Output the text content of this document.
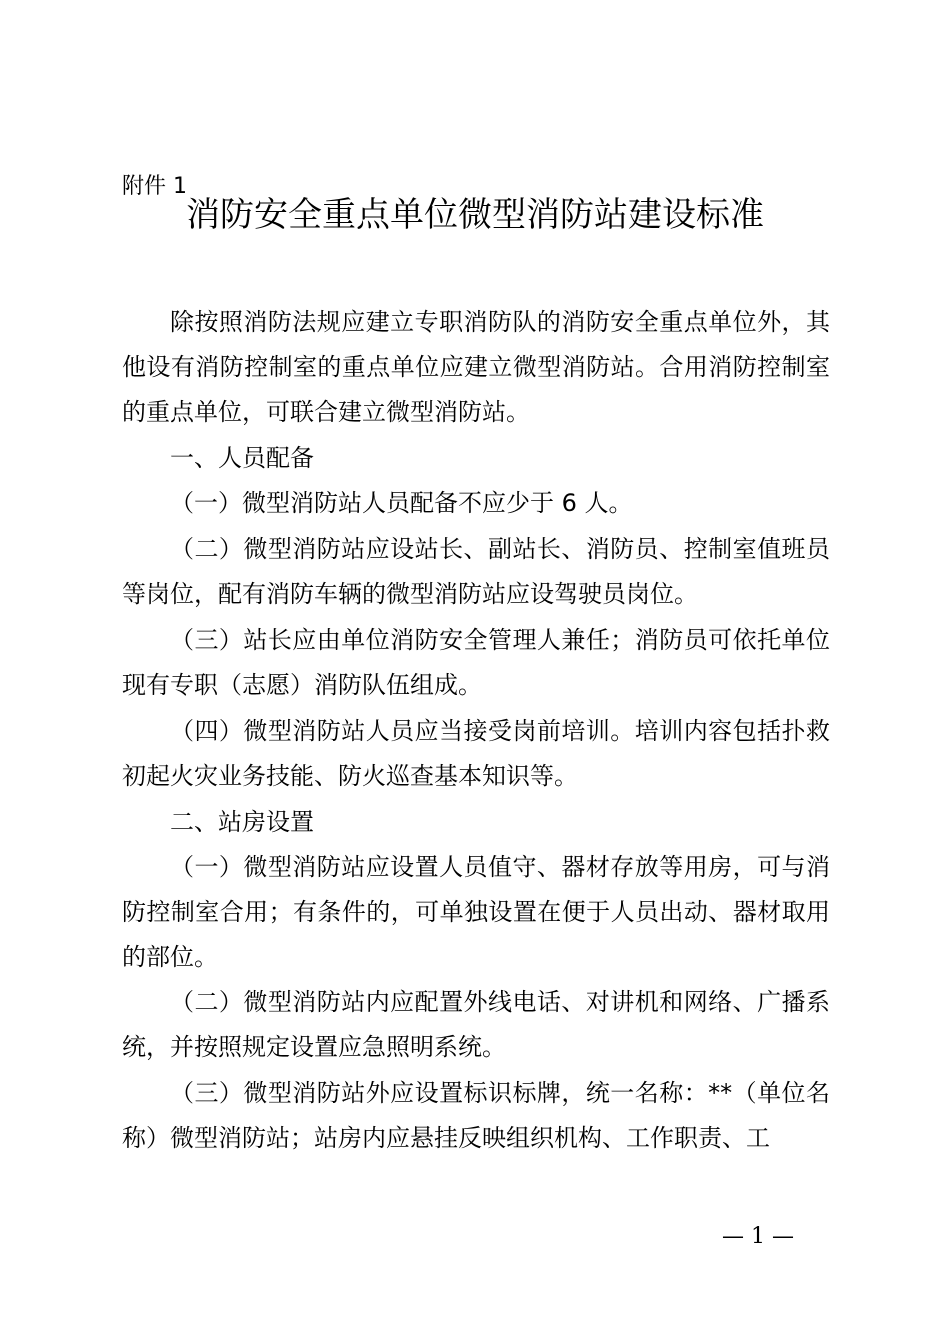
附件 1
消防安全重点单位微型消防站建设标准

除按照消防法规应建立专职消防队的消防安全重点单位外，其他设有消防控制室的重点单位应建立微型消防站。合用消防控制室的重点单位，可联合建立微型消防站。

一、人员配备

（一）微型消防站人员配备不应少于 6 人。

（二）微型消防站应设站长、副站长、消防员、控制室值班员等岗位，配有消防车辆的微型消防站应设驾驶员岗位。

（三）站长应由单位消防安全管理人兼任；消防员可依托单位现有专职（志愿）消防队伍组成。

（四）微型消防站人员应当接受岗前培训。培训内容包括扑救初起火灾业务技能、防火巡查基本知识等。

二、站房设置

（一）微型消防站应设置人员值守、器材存放等用房，可与消防控制室合用；有条件的，可单独设置在便于人员出动、器材取用的部位。

（二）微型消防站内应配置外线电话、对讲机和网络、广播系统，并按照规定设置应急照明系统。

（三）微型消防站外应设置标识标牌，统一名称：**（单位名称）微型消防站；站房内应悬挂反映组织机构、工作职责、工

— 1 —
